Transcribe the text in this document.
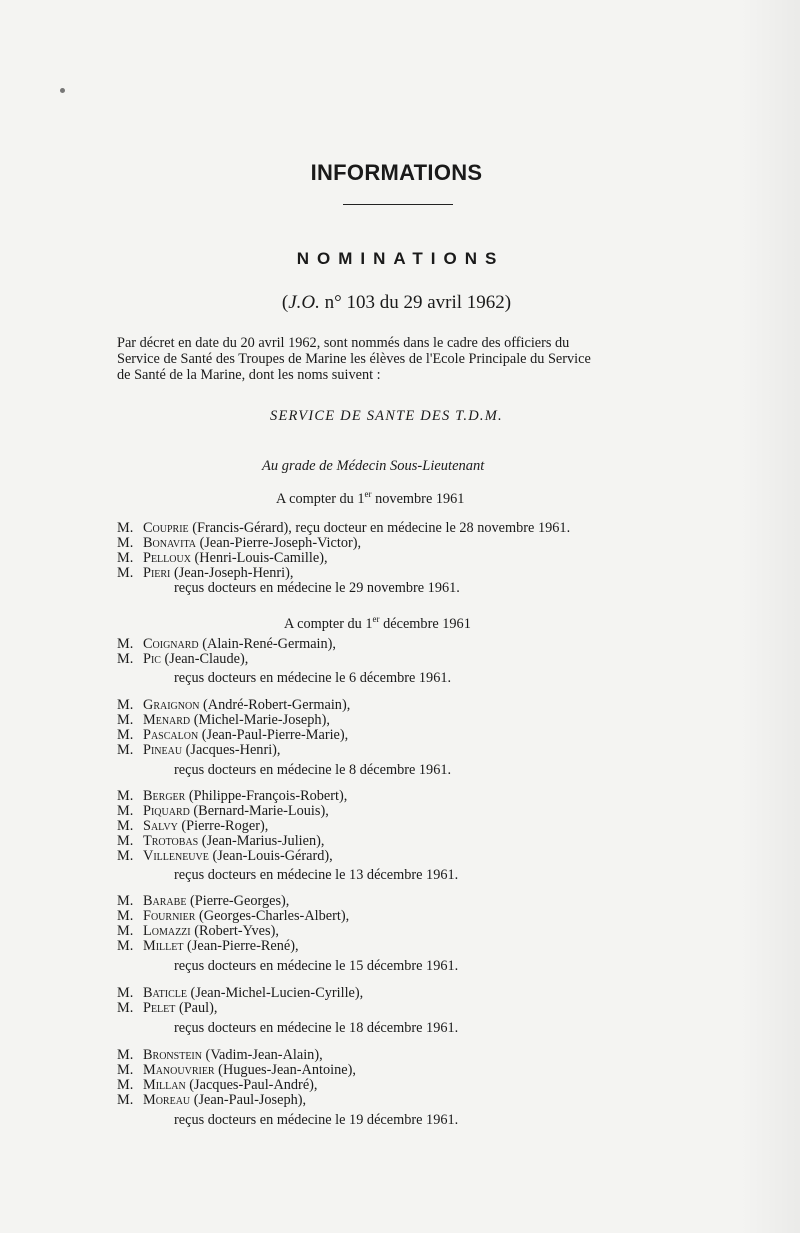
INFORMATIONS
NOMINATIONS
(J.O. n° 103 du 29 avril 1962)
Par décret en date du 20 avril 1962, sont nommés dans le cadre des officiers du
Service de Santé des Troupes de Marine les élèves de l'Ecole Principale du Service
de Santé de la Marine, dont les noms suivent :
SERVICE DE SANTE DES T.D.M.
Au grade de Médecin Sous-Lieutenant
A compter du 1er novembre 1961
M. Couprie (Francis-Gérard), reçu docteur en médecine le 28 novembre 1961.
M. Bonavita (Jean-Pierre-Joseph-Victor),
M. Pelloux (Henri-Louis-Camille),
M. Pieri (Jean-Joseph-Henri),
reçus docteurs en médecine le 29 novembre 1961.
A compter du 1er décembre 1961
M. Coignard (Alain-René-Germain),
M. Pic (Jean-Claude),
reçus docteurs en médecine le 6 décembre 1961.
M. Graignon (André-Robert-Germain),
M. Menard (Michel-Marie-Joseph),
M. Pascalon (Jean-Paul-Pierre-Marie),
M. Pineau (Jacques-Henri),
reçus docteurs en médecine le 8 décembre 1961.
M. Berger (Philippe-François-Robert),
M. Piquard (Bernard-Marie-Louis),
M. Salvy (Pierre-Roger),
M. Trotobas (Jean-Marius-Julien),
M. Villeneuve (Jean-Louis-Gérard),
reçus docteurs en médecine le 13 décembre 1961.
M. Barabe (Pierre-Georges),
M. Fournier (Georges-Charles-Albert),
M. Lomazzi (Robert-Yves),
M. Millet (Jean-Pierre-René),
reçus docteurs en médecine le 15 décembre 1961.
M. Baticle (Jean-Michel-Lucien-Cyrille),
M. Pelet (Paul),
reçus docteurs en médecine le 18 décembre 1961.
M. Bronstein (Vadim-Jean-Alain),
M. Manouvrier (Hugues-Jean-Antoine),
M. Millan (Jacques-Paul-André),
M. Moreau (Jean-Paul-Joseph),
reçus docteurs en médecine le 19 décembre 1961.
